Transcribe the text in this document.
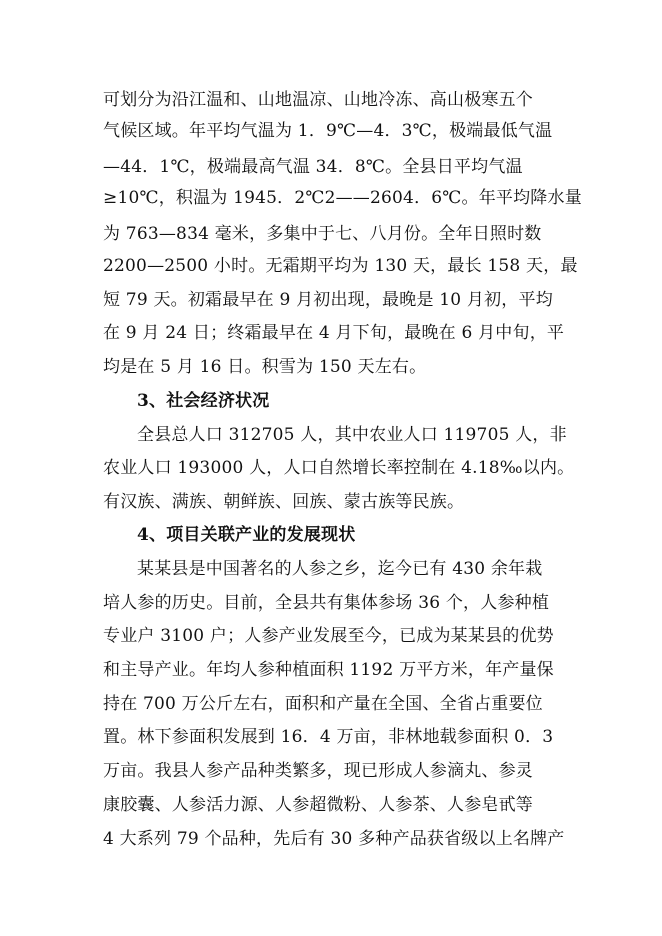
可划分为沿江温和、山地温凉、山地冷冻、高山极寒五个
气候区域。年平均气温为 1．9℃—4．3℃，极端最低气温
—44．1℃，极端最高气温 34．8℃。全县日平均气温
≥10℃，积温为 1945．2℃2——2604．6℃。年平均降水量
为 763—834 毫米，多集中于七、八月份。全年日照时数
2200—2500 小时。无霜期平均为 130 天，最长 158 天，最
短 79 天。初霜最早在 9 月初出现，最晚是 10 月初，平均
在 9 月 24 日；终霜最早在 4 月下旬，最晚在 6 月中旬，平
均是在 5 月 16 日。积雪为 150 天左右。
3、社会经济状况
全县总人口 312705 人，其中农业人口 119705 人，非
农业人口 193000 人，人口自然增长率控制在 4.18‰以内。
有汉族、满族、朝鲜族、回族、蒙古族等民族。
4、项目关联产业的发展现状
某某县是中国著名的人参之乡，迄今已有 430 余年栽
培人参的历史。目前，全县共有集体参场 36 个，人参种植
专业户 3100 户；人参产业发展至今，已成为某某县的优势
和主导产业。年均人参种植面积 1192 万平方米，年产量保
持在 700 万公斤左右，面积和产量在全国、全省占重要位
置。林下参面积发展到 16．4 万亩，非林地载参面积 0．3
万亩。我县人参产品种类繁多，现已形成人参滴丸、参灵
康胶囊、人参活力源、人参超微粉、人参茶、人参皂甙等
4 大系列 79 个品种，先后有 30 多种产品获省级以上名牌产
